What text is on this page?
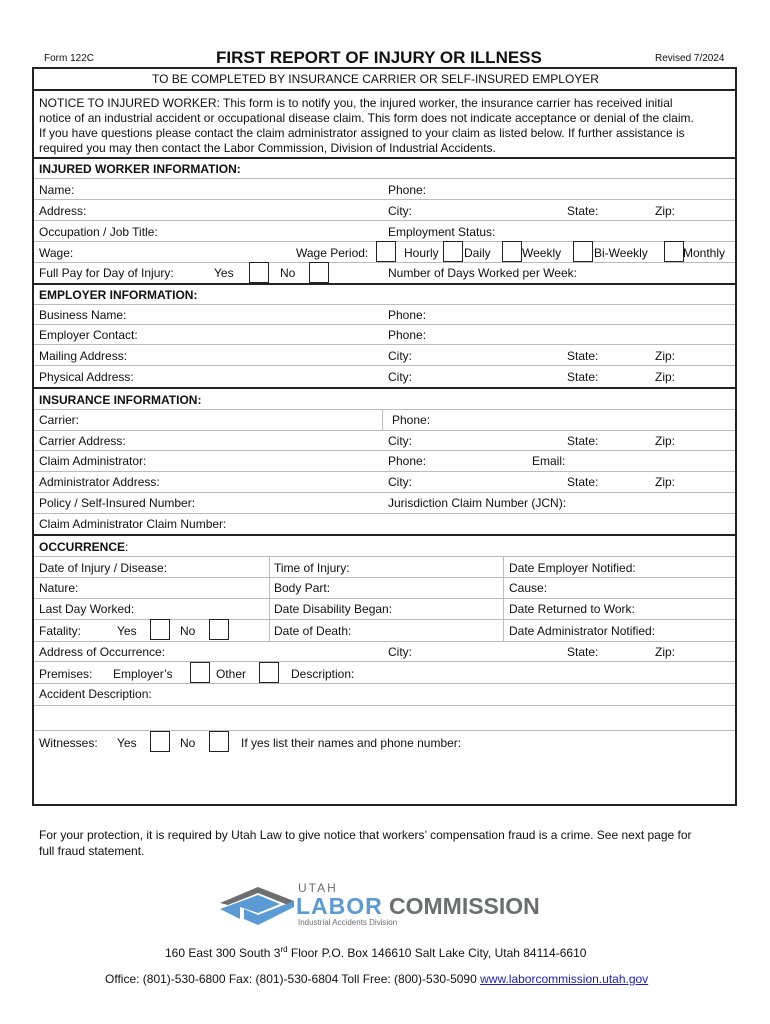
Form 122C	FIRST REPORT OF INJURY OR ILLNESS	Revised 7/2024
TO BE COMPLETED BY INSURANCE CARRIER OR SELF-INSURED EMPLOYER
NOTICE TO INJURED WORKER: This form is to notify you, the injured worker, the insurance carrier has received initial
notice of an industrial accident or occupational disease claim. This form does not indicate acceptance or denial of the claim.
If you have questions please contact the claim administrator assigned to your claim as listed below. If further assistance is
required you may then contact the Labor Commission, Division of Industrial Accidents.
INJURED WORKER INFORMATION:
Name:	Phone:
Address:	City:	State:	Zip:
Occupation / Job Title:	Employment Status:
Wage:	Wage Period:	Hourly Daily	Weekly	Bi-Weekly	Monthly
Full Pay for Day of Injury:	Yes	No	Number of Days Worked per Week:
EMPLOYER INFORMATION:
Business Name:	Phone:
Employer Contact:	Phone:
Mailing Address:	City:	State:	Zip:
Physical Address:	City:	State:	Zip:
INSURANCE INFORMATION:
Carrier:	Phone:
Carrier Address:	City:	State:	Zip:
Claim Administrator:	Phone:	Email:
Administrator Address:	City:	State:	Zip:
Policy / Self-Insured Number:	Jurisdiction Claim Number (JCN):
Claim Administrator Claim Number:
OCCURRENCE:
Date of Injury / Disease:	Time of Injury:	Date Employer Notified:
Nature:	Body Part:	Cause:
Last Day Worked:	Date Disability Began:	Date Returned to Work:
Fatality:	Yes	No	Date of Death:	Date Administrator Notified:
Address of Occurrence:	City:	State:	Zip:
Premises: Employer’s	Other	Description:
Accident Description:
Witnesses: Yes	No	If yes list their names and phone number:
For your protection, it is required by Utah Law to give notice that workers’ compensation fraud is a crime. See next page for
full fraud statement.
UTAH
LABOR COMMISSION
Industrial Accidents Division
160 East 300 South 3rd Floor P.O. Box 146610 Salt Lake City, Utah 84114-6610
Office: (801)-530-6800 Fax: (801)-530-6804 Toll Free: (800)-530-5090 www.laborcommission.utah.gov
